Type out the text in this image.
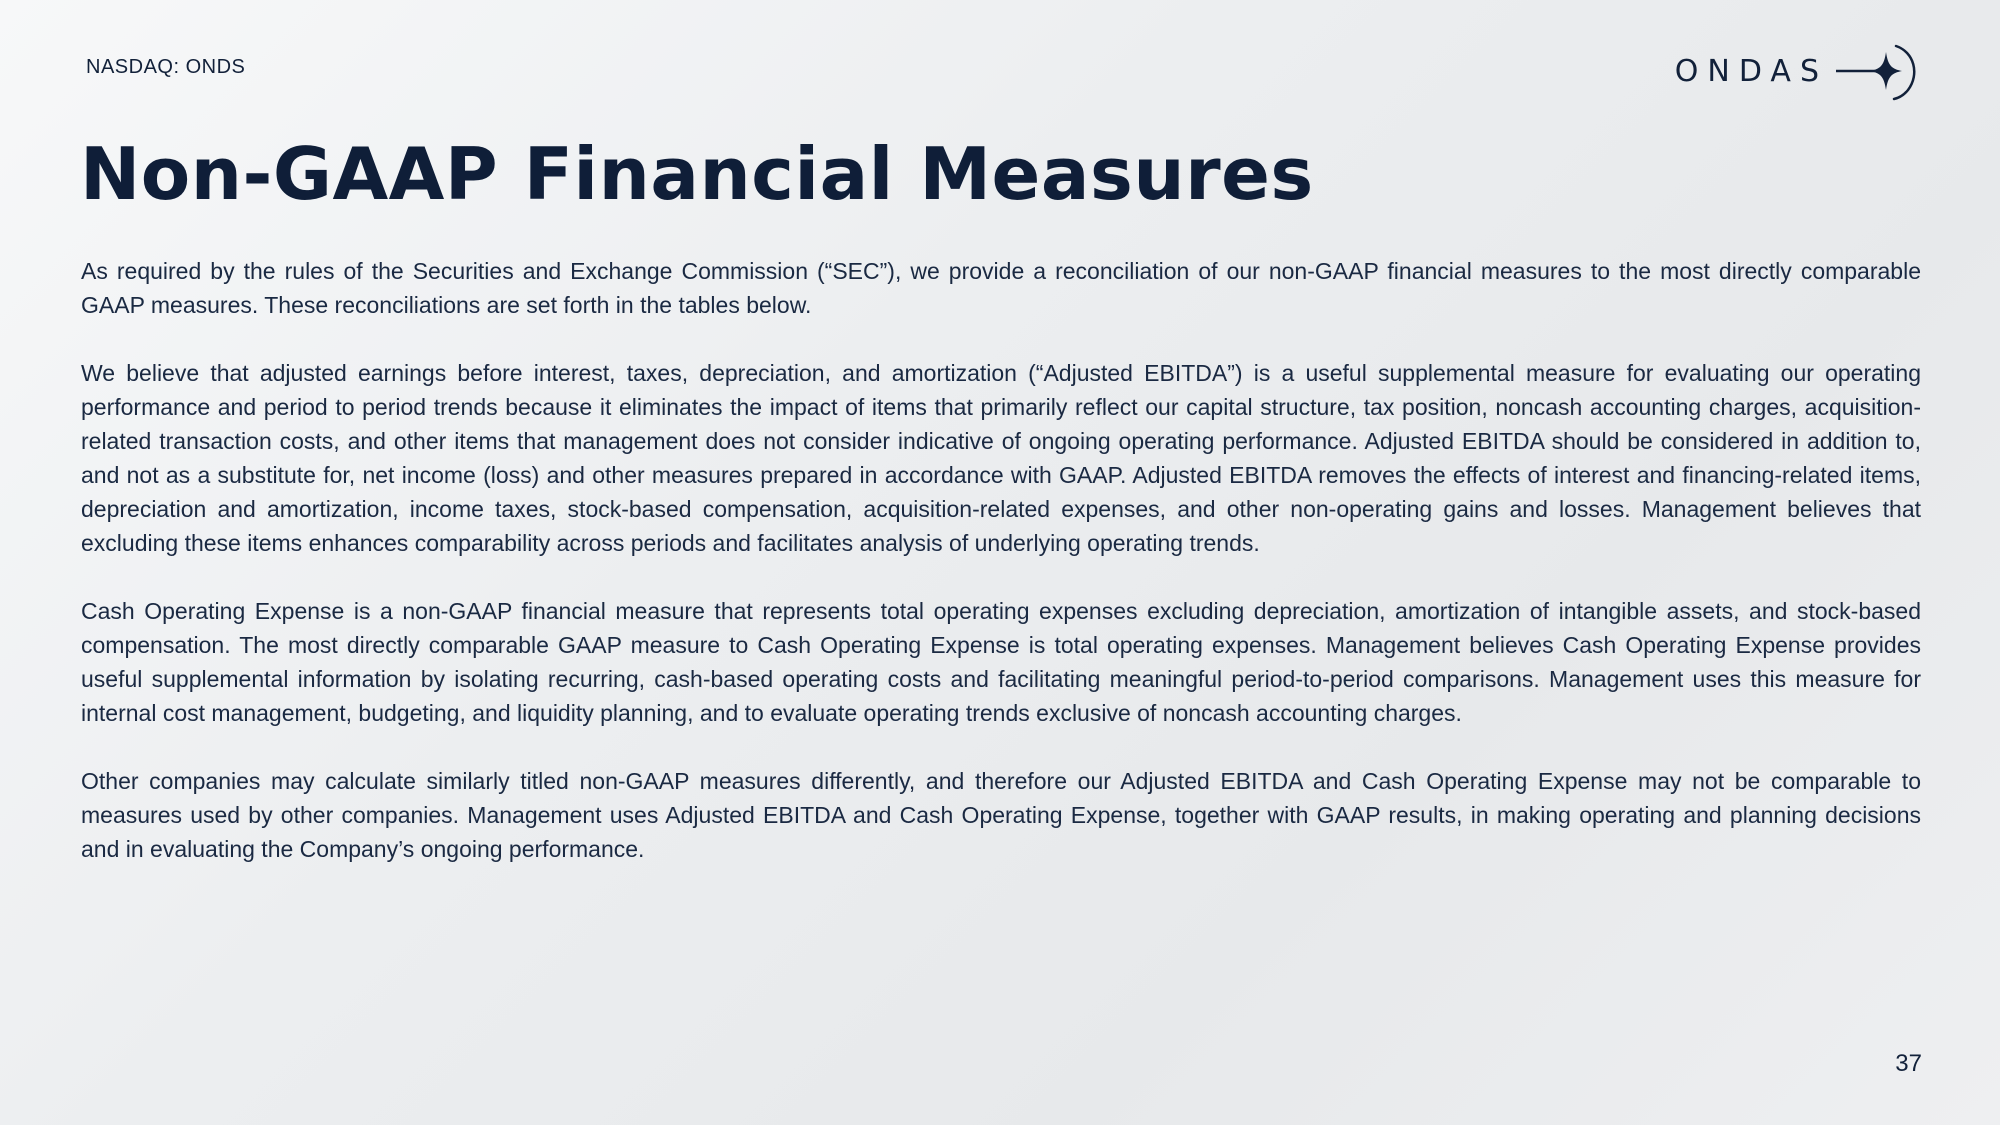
NASDAQ: ONDS	ONDAS
Non-GAAP Financial Measures

As required by the rules of the Securities and Exchange Commission (“SEC”), we provide a reconciliation of our non-GAAP financial measures to the most directly comparable GAAP measures. These reconciliations are set forth in the tables below.

We believe that adjusted earnings before interest, taxes, depreciation, and amortization (“Adjusted EBITDA”) is a useful supplemental measure for evaluating our operating performance and period to period trends because it eliminates the impact of items that primarily reflect our capital structure, tax position, noncash accounting charges, acquisition-related transaction costs, and other items that management does not consider indicative of ongoing operating performance. Adjusted EBITDA should be considered in addition to, and not as a substitute for, net income (loss) and other measures prepared in accordance with GAAP. Adjusted EBITDA removes the effects of interest and financing-related items, depreciation and amortization, income taxes, stock-based compensation, acquisition-related expenses, and other non-operating gains and losses. Management believes that excluding these items enhances comparability across periods and facilitates analysis of underlying operating trends.

Cash Operating Expense is a non-GAAP financial measure that represents total operating expenses excluding depreciation, amortization of intangible assets, and stock-based compensation. The most directly comparable GAAP measure to Cash Operating Expense is total operating expenses. Management believes Cash Operating Expense provides useful supplemental information by isolating recurring, cash-based operating costs and facilitating meaningful period-to-period comparisons. Management uses this measure for internal cost management, budgeting, and liquidity planning, and to evaluate operating trends exclusive of noncash accounting charges.

Other companies may calculate similarly titled non-GAAP measures differently, and therefore our Adjusted EBITDA and Cash Operating Expense may not be comparable to measures used by other companies. Management uses Adjusted EBITDA and Cash Operating Expense, together with GAAP results, in making operating and planning decisions and in evaluating the Company’s ongoing performance.

37
